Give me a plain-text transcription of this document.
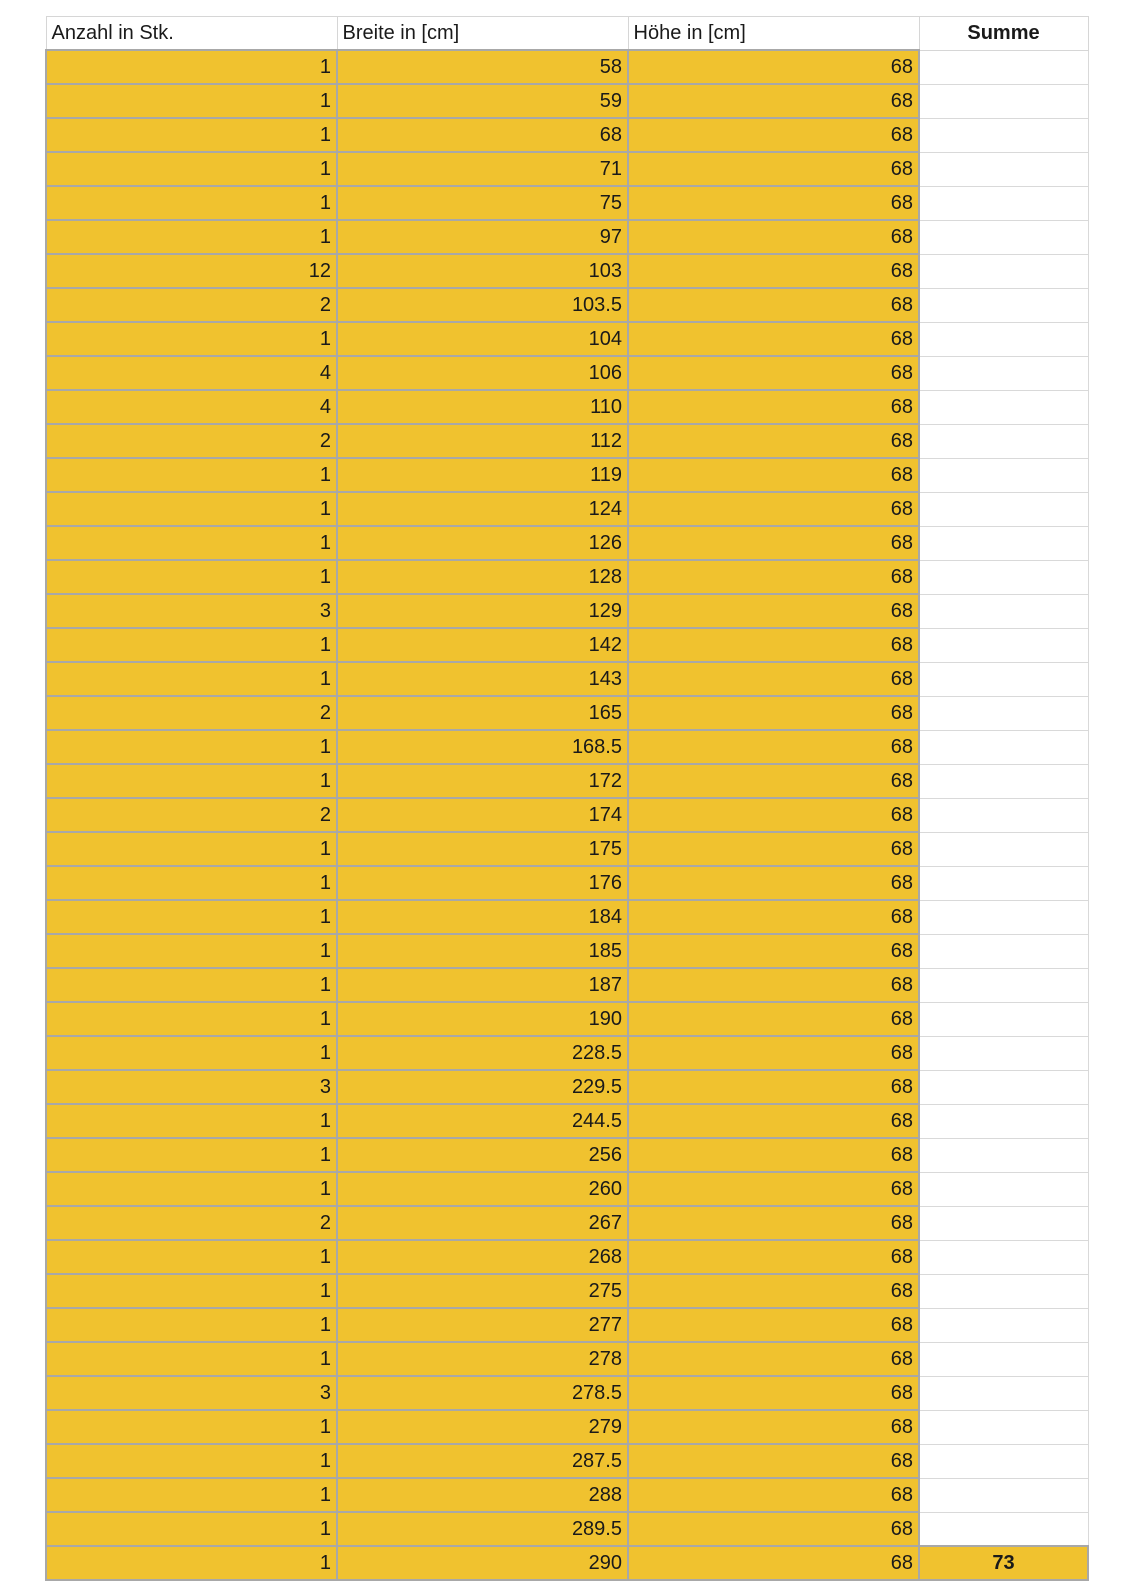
Anzahl in Stk.	Breite in [cm]	Höhe in [cm]	Summe
1	58	68	
1	59	68	
1	68	68	
1	71	68	
1	75	68	
1	97	68	
12	103	68	
2	103.5	68	
1	104	68	
4	106	68	
4	110	68	
2	112	68	
1	119	68	
1	124	68	
1	126	68	
1	128	68	
3	129	68	
1	142	68	
1	143	68	
2	165	68	
1	168.5	68	
1	172	68	
2	174	68	
1	175	68	
1	176	68	
1	184	68	
1	185	68	
1	187	68	
1	190	68	
1	228.5	68	
3	229.5	68	
1	244.5	68	
1	256	68	
1	260	68	
2	267	68	
1	268	68	
1	275	68	
1	277	68	
1	278	68	
3	278.5	68	
1	279	68	
1	287.5	68	
1	288	68	
1	289.5	68	
1	290	68	73
